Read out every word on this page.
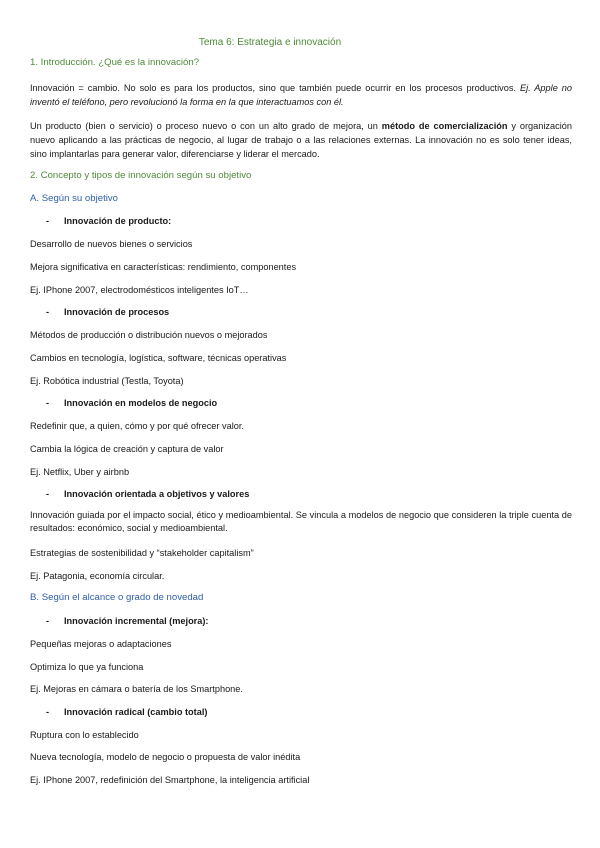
Tema 6: Estrategia e innovación
1. Introducción. ¿Qué es la innovación?
Innovación = cambio. No solo es para los productos, sino que también puede ocurrir en los procesos productivos. Ej. Apple no inventó el teléfono, pero revolucionó la forma en la que interactuamos con él.
Un producto (bien o servicio) o proceso nuevo o con un alto grado de mejora, un método de comercialización y organización nuevo aplicando a las prácticas de negocio, al lugar de trabajo o a las relaciones externas. La innovación no es solo tener ideas, sino implantarlas para generar valor, diferenciarse y liderar el mercado.
2. Concepto y tipos de innovación según su objetivo
A. Según su objetivo
- Innovación de producto:
Desarrollo de nuevos bienes o servicios
Mejora significativa en características: rendimiento, componentes
Ej. IPhone 2007, electrodomésticos inteligentes IoT…
- Innovación de procesos
Métodos de producción o distribución nuevos o mejorados
Cambios en tecnología, logística, software, técnicas operativas
Ej. Robótica industrial (Testla, Toyota)
- Innovación en modelos de negocio
Redefinir que, a quien, cómo y por qué ofrecer valor.
Cambia la lógica de creación y captura de valor
Ej. Netflix, Uber y airbnb
- Innovación orientada a objetivos y valores
Innovación guiada por el impacto social, ético y medioambiental. Se vincula a modelos de negocio que consideren la triple cuenta de resultados: económico, social y medioambiental.
Estrategias de sostenibilidad y “stakeholder capitalism”
Ej. Patagonia, economía circular.
B. Según el alcance o grado de novedad
- Innovación incremental (mejora):
Pequeñas mejoras o adaptaciones
Optimiza lo que ya funciona
Ej. Mejoras en cámara o batería de los Smartphone.
- Innovación radical (cambio total)
Ruptura con lo establecido
Nueva tecnología, modelo de negocio o propuesta de valor inédita
Ej. IPhone 2007, redefinición del Smartphone, la inteligencia artificial
